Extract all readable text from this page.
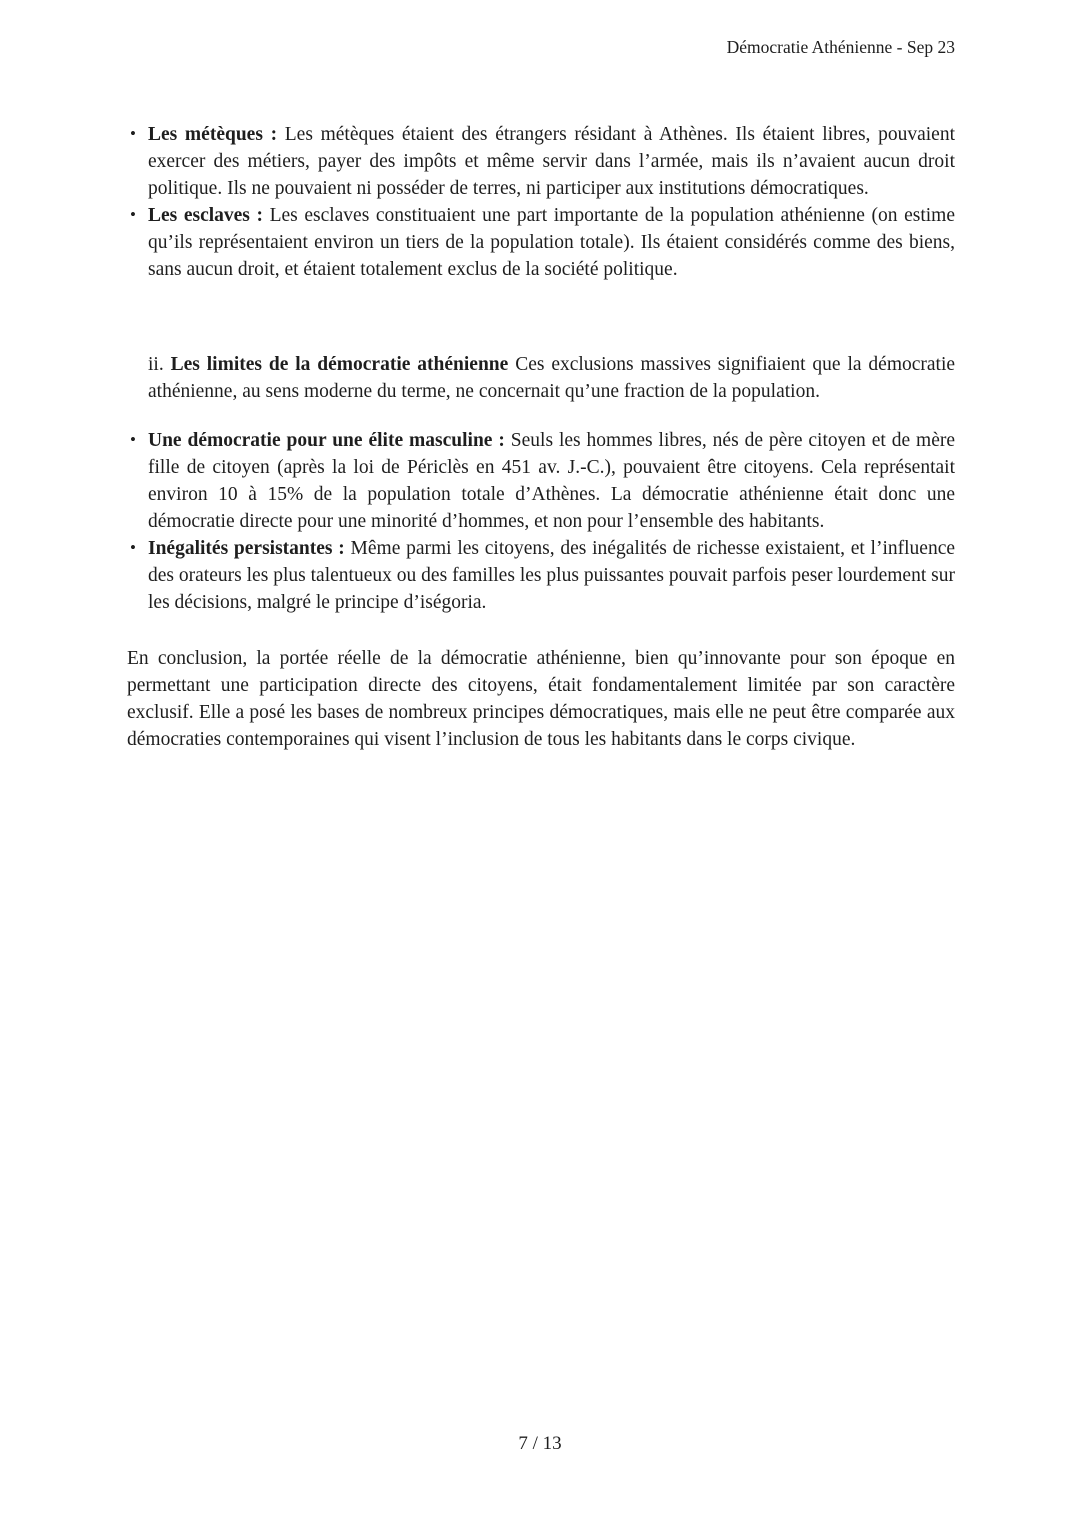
Démocratie Athénienne - Sep 23
• Les métèques : Les métèques étaient des étrangers résidant à Athènes. Ils étaient libres, pouvaient exercer des métiers, payer des impôts et même servir dans l’armée, mais ils n’avaient aucun droit politique. Ils ne pouvaient ni posséder de terres, ni participer aux institutions démocratiques.
• Les esclaves : Les esclaves constituaient une part importante de la population athénienne (on estime qu’ils représentaient environ un tiers de la population totale). Ils étaient considérés comme des biens, sans aucun droit, et étaient totalement exclus de la société politique.
ii. Les limites de la démocratie athénienne Ces exclusions massives signifiaient que la démocratie athénienne, au sens moderne du terme, ne concernait qu’une fraction de la population.
• Une démocratie pour une élite masculine : Seuls les hommes libres, nés de père citoyen et de mère fille de citoyen (après la loi de Périclès en 451 av. J.-C.), pouvaient être citoyens. Cela représentait environ 10 à 15% de la population totale d’Athènes. La démocratie athénienne était donc une démocratie directe pour une minorité d’hommes, et non pour l’ensemble des habitants.
• Inégalités persistantes : Même parmi les citoyens, des inégalités de richesse existaient, et l’influence des orateurs les plus talentueux ou des familles les plus puissantes pouvait parfois peser lourdement sur les décisions, malgré le principe d’iségoria.
En conclusion, la portée réelle de la démocratie athénienne, bien qu’innovante pour son époque en permettant une participation directe des citoyens, était fondamentalement limitée par son caractère exclusif. Elle a posé les bases de nombreux principes démocratiques, mais elle ne peut être comparée aux démocraties contemporaines qui visent l’inclusion de tous les habitants dans le corps civique.
7 / 13
